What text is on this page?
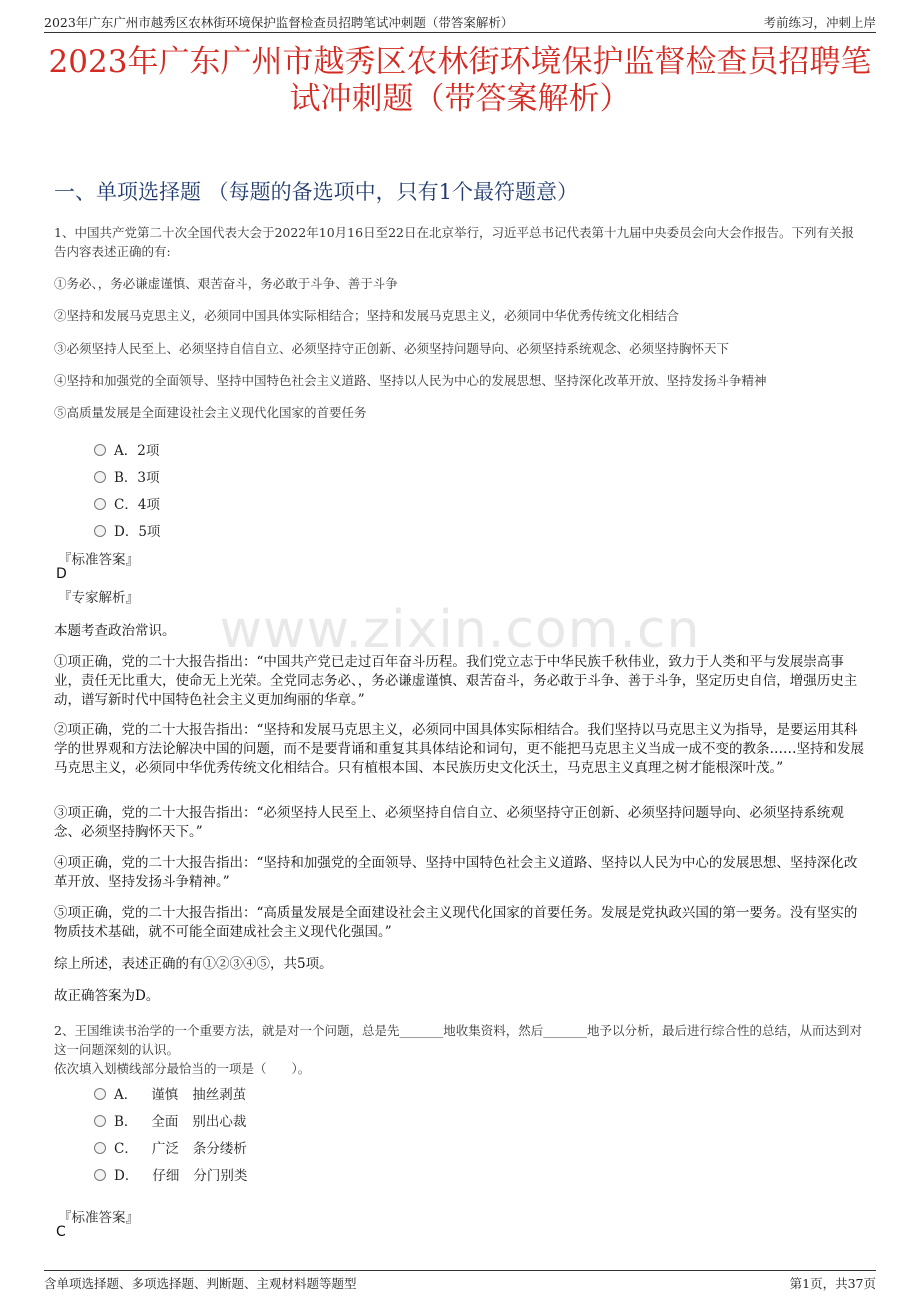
2023年广东广州市越秀区农林街环境保护监督检查员招聘笔试冲刺题（带答案解析）	考前练习，冲刺上岸
2023年广东广州市越秀区农林街环境保护监督检查员招聘笔试冲刺题（带答案解析）
一、单项选择题 （每题的备选项中，只有1个最符题意）

1、中国共产党第二十次全国代表大会于2022年10月16日至22日在北京举行，习近平总书记代表第十九届中央委员会向大会作报告。下列有关报告内容表述正确的有:

①务必、，务必谦虚谨慎、艰苦奋斗，务必敢于斗争、善于斗争

②坚持和发展马克思主义，必须同中国具体实际相结合；坚持和发展马克思主义，必须同中华优秀传统文化相结合

③必须坚持人民至上、必须坚持自信自立、必须坚持守正创新、必须坚持问题导向、必须坚持系统观念、必须坚持胸怀天下

④坚持和加强党的全面领导、坚持中国特色社会主义道路、坚持以人民为中心的发展思想、坚持深化改革开放、坚持发扬斗争精神

⑤高质量发展是全面建设社会主义现代化国家的首要任务

A．2项
B．3项
C．4项
D．5项
『标准答案』
D
『专家解析』
www.zixin.com.cn

本题考查政治常识。

①项正确，党的二十大报告指出：“中国共产党已走过百年奋斗历程。我们党立志于中华民族千秋伟业，致力于人类和平与发展崇高事业，责任无比重大，使命无上光荣。全党同志务必、，务必谦虚谨慎、艰苦奋斗，务必敢于斗争、善于斗争，坚定历史自信，增强历史主动，谱写新时代中国特色社会主义更加绚丽的华章。”

②项正确，党的二十大报告指出：“坚持和发展马克思主义，必须同中国具体实际相结合。我们坚持以马克思主义为指导，是要运用其科学的世界观和方法论解决中国的问题，而不是要背诵和重复其具体结论和词句，更不能把马克思主义当成一成不变的教条……坚持和发展马克思主义，必须同中华优秀传统文化相结合。只有植根本国、本民族历史文化沃土，马克思主义真理之树才能根深叶茂。”

③项正确，党的二十大报告指出：“必须坚持人民至上、必须坚持自信自立、必须坚持守正创新、必须坚持问题导向、必须坚持系统观念、必须坚持胸怀天下。”

④项正确，党的二十大报告指出：“坚持和加强党的全面领导、坚持中国特色社会主义道路、坚持以人民为中心的发展思想、坚持深化改革开放、坚持发扬斗争精神。”

⑤项正确，党的二十大报告指出：“高质量发展是全面建设社会主义现代化国家的首要任务。发展是党执政兴国的第一要务。没有坚实的物质技术基础，就不可能全面建成社会主义现代化强国。”

综上所述，表述正确的有①②③④⑤，共5项。

故正确答案为D。

2、王国维读书治学的一个重要方法，就是对一个问题，总是先_______地收集资料，然后_______地予以分析，最后进行综合性的总结，从而达到对这一问题深刻的认识。

依次填入划横线部分最恰当的一项是（　　）。

A． 谨慎 抽丝剥茧
B． 全面 别出心裁
C． 广泛 条分缕析
D． 仔细 分门别类
『标准答案』
C
含单项选择题、多项选择题、判断题、主观材料题等题型	第1页，共37页
